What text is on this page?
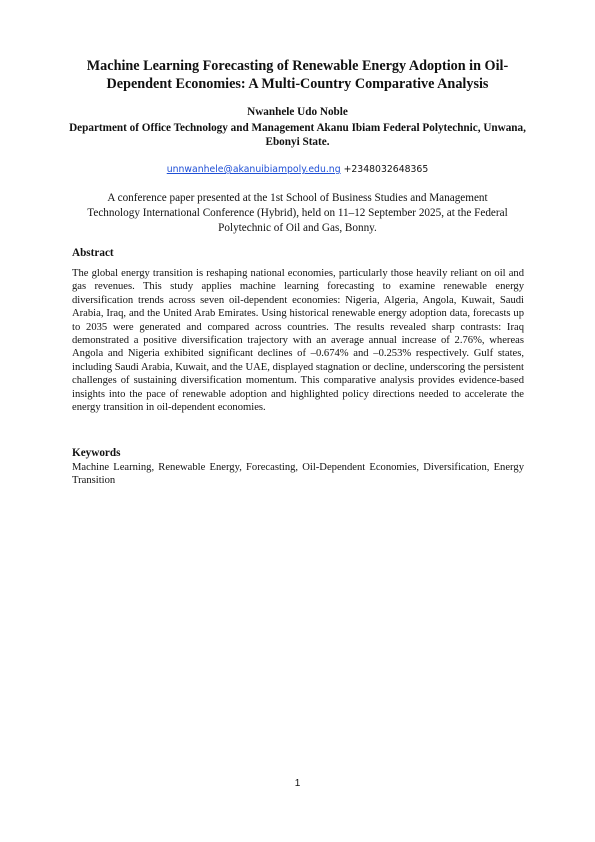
Machine Learning Forecasting of Renewable Energy Adoption in Oil-Dependent Economies: A Multi-Country Comparative Analysis
Nwanhele Udo Noble
Department of Office Technology and Management Akanu Ibiam Federal Polytechnic, Unwana, Ebonyi State.
unnwanhele@akanuibiampoly.edu.ng +2348032648365
A conference paper presented at the 1st School of Business Studies and Management Technology International Conference (Hybrid), held on 11–12 September 2025, at the Federal Polytechnic of Oil and Gas, Bonny.
Abstract

The global energy transition is reshaping national economies, particularly those heavily reliant on oil and gas revenues. This study applies machine learning forecasting to examine renewable energy diversification trends across seven oil-dependent economies: Nigeria, Algeria, Angola, Kuwait, Saudi Arabia, Iraq, and the United Arab Emirates. Using historical renewable energy adoption data, forecasts up to 2035 were generated and compared across countries. The results revealed sharp contrasts: Iraq demonstrated a positive diversification trajectory with an average annual increase of 2.76%, whereas Angola and Nigeria exhibited significant declines of –0.674% and –0.253% respectively. Gulf states, including Saudi Arabia, Kuwait, and the UAE, displayed stagnation or decline, underscoring the persistent challenges of sustaining diversification momentum. This comparative analysis provides evidence-based insights into the pace of renewable adoption and highlighted policy directions needed to accelerate the energy transition in oil-dependent economies.

Keywords

Machine Learning, Renewable Energy, Forecasting, Oil-Dependent Economies, Diversification, Energy Transition

1
